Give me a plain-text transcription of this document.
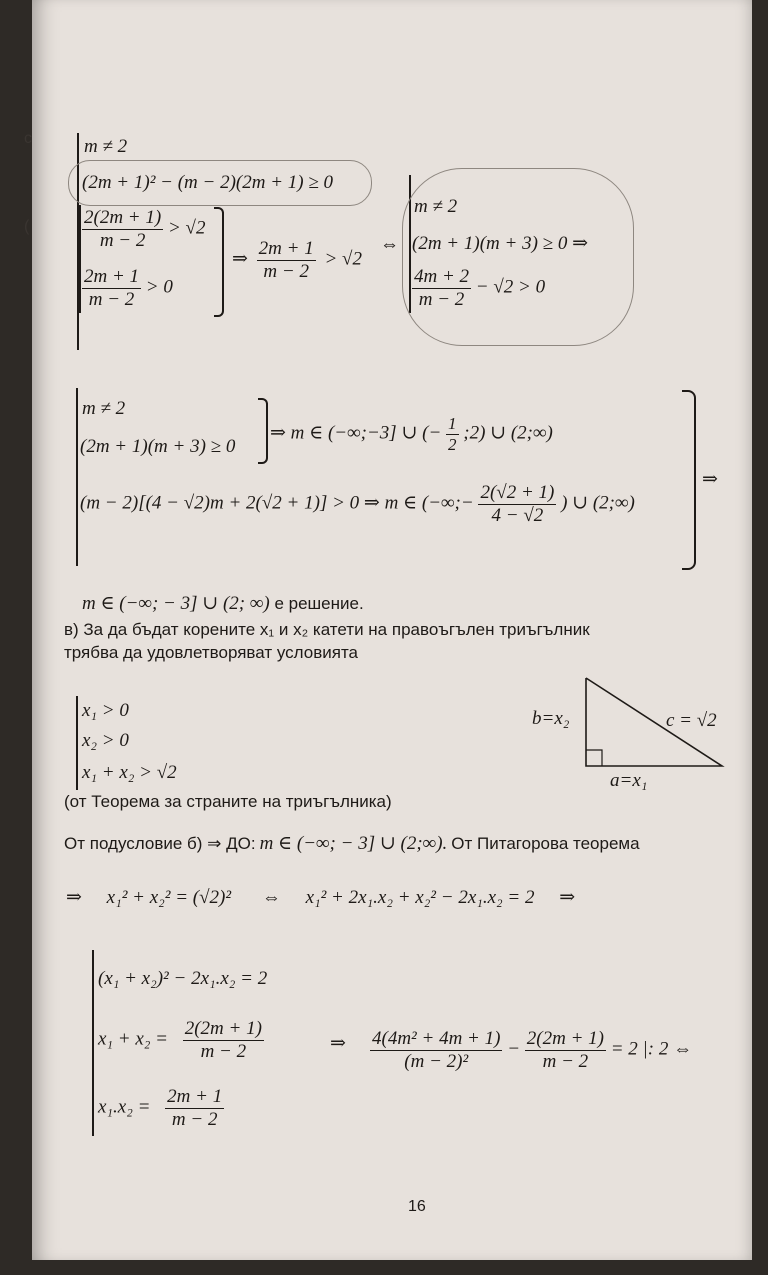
c
(
m ≠ 2
(2m + 1)² − (m − 2)(2m + 1) ≥ 0
$\frac{2(2m + 1)}{m - 2} > √2$
$\frac{2m + 1}{m - 2} > 0$
⇒ $\frac{2m + 1}{m - 2} > √2$
⇔
m ≠ 2
(2m + 1)(m + 3) ≥ 0 ⇒
$\frac{4m + 2}{m - 2} - √2 > 0$
m ≠ 2
(2m + 1)(m + 3) ≥ 0
⇒ m ∈ (−∞;−3] ∪ (− $\frac{1}{2}$ ;2) ∪ (2;∞)
(m − 2)[(4 − √2)m + 2(√2 + 1)] > 0 ⇒ m ∈ (−∞;− $\frac{2(√2 + 1)}{4 - √2}$ ) ∪ (2;∞)
⇒
m ∈ (−∞; − 3] ∪ (2; ∞) е решение.
в) За да бъдат корените x₁ и x₂ катети на правоъгълен триъгълник
трябва да удовлетворяват условията
x₁ > 0
x₂ > 0
x₁ + x₂ > √2
b=x₂	c = √2
a=x₁
(от Теорема за страните на триъгълника)
От подусловие б) ⇒ ДО: m ∈ (−∞; − 3] ∪ (2;∞). От Питагорова теорема
⇒ x₁² + x₂² = (√2)² ⇔ x₁² + 2x₁.x₂ + x₂² − 2x₁.x₂ = 2 ⇒
(x₁ + x₂)² − 2x₁.x₂ = 2
$x_1 + x_2 = \frac{2(2m + 1)}{m - 2}$
$x_1.x_2 = \frac{2m + 1}{m - 2}$
⇒ $\frac{\text{4(4m² + 4m + 1)}}{\text{(m − 2)²}} - \frac{2(2m + 1)}{m - 2} = 2$ |: 2 ⇔
16
